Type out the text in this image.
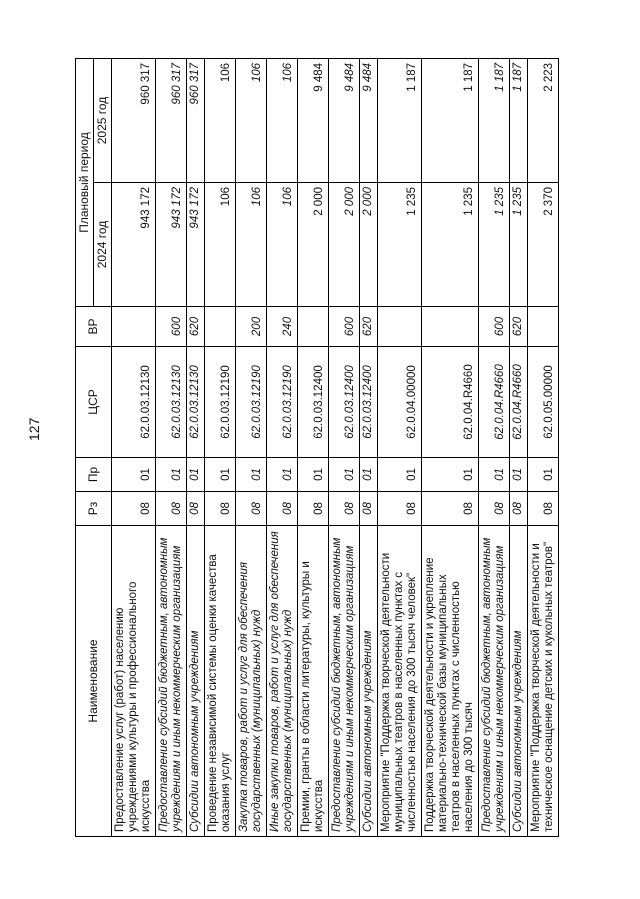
127
Наименование	Рз	Пр	ЦСР	ВР	Плановый период	
					2024 год	2025 год
Предоставление услуг (работ) населению учреждениями культуры и профессионального искусства	08	01	62.0.03.12130		943 172	960 317
Предоставление субсидий бюджетным, автономным учреждениям и иным некоммерческим организациям	08	01	62.0.03.12130	600	943 172	960 317
Субсидии автономным учреждениям	08	01	62.0.03.12130	620	943 172	960 317
Проведение независимой системы оценки качества оказания услуг	08	01	62.0.03.12190		106	106
Закупка товаров, работ и услуг для обеспечения государственных (муниципальных) нужд	08	01	62.0.03.12190	200	106	106
Иные закупки товаров, работ и услуг для обеспечения государственных (муниципальных) нужд	08	01	62.0.03.12190	240	106	106
Премии, гранты в области литературы, культуры и искусства	08	01	62.0.03.12400		2 000	9 484
Предоставление субсидий бюджетным, автономным учреждениям и иным некоммерческим организациям	08	01	62.0.03.12400	600	2 000	9 484
Субсидии автономным учреждениям	08	01	62.0.03.12400	620	2 000	9 484
Мероприятие "Поддержка творческой деятельности муниципальных театров в населенных пунктах с численностью населения до 300 тысяч человек"	08	01	62.0.04.00000		1 235	1 187
Поддержка творческой деятельности и укрепление материально-технической базы муниципальных театров в населенных пунктах с численностью населения до 300 тысяч	08	01	62.0.04.R4660		1 235	1 187
Предоставление субсидий бюджетным, автономным учреждениям и иным некоммерческим организациям	08	01	62.0.04.R4660	600	1 235	1 187
Субсидии автономным учреждениям	08	01	62.0.04.R4660	620	1 235	1 187
Мероприятие "Поддержка творческой деятельности и техническое оснащение детских и кукольных театров"	08	01	62.0.05.00000		2 370	2 223
